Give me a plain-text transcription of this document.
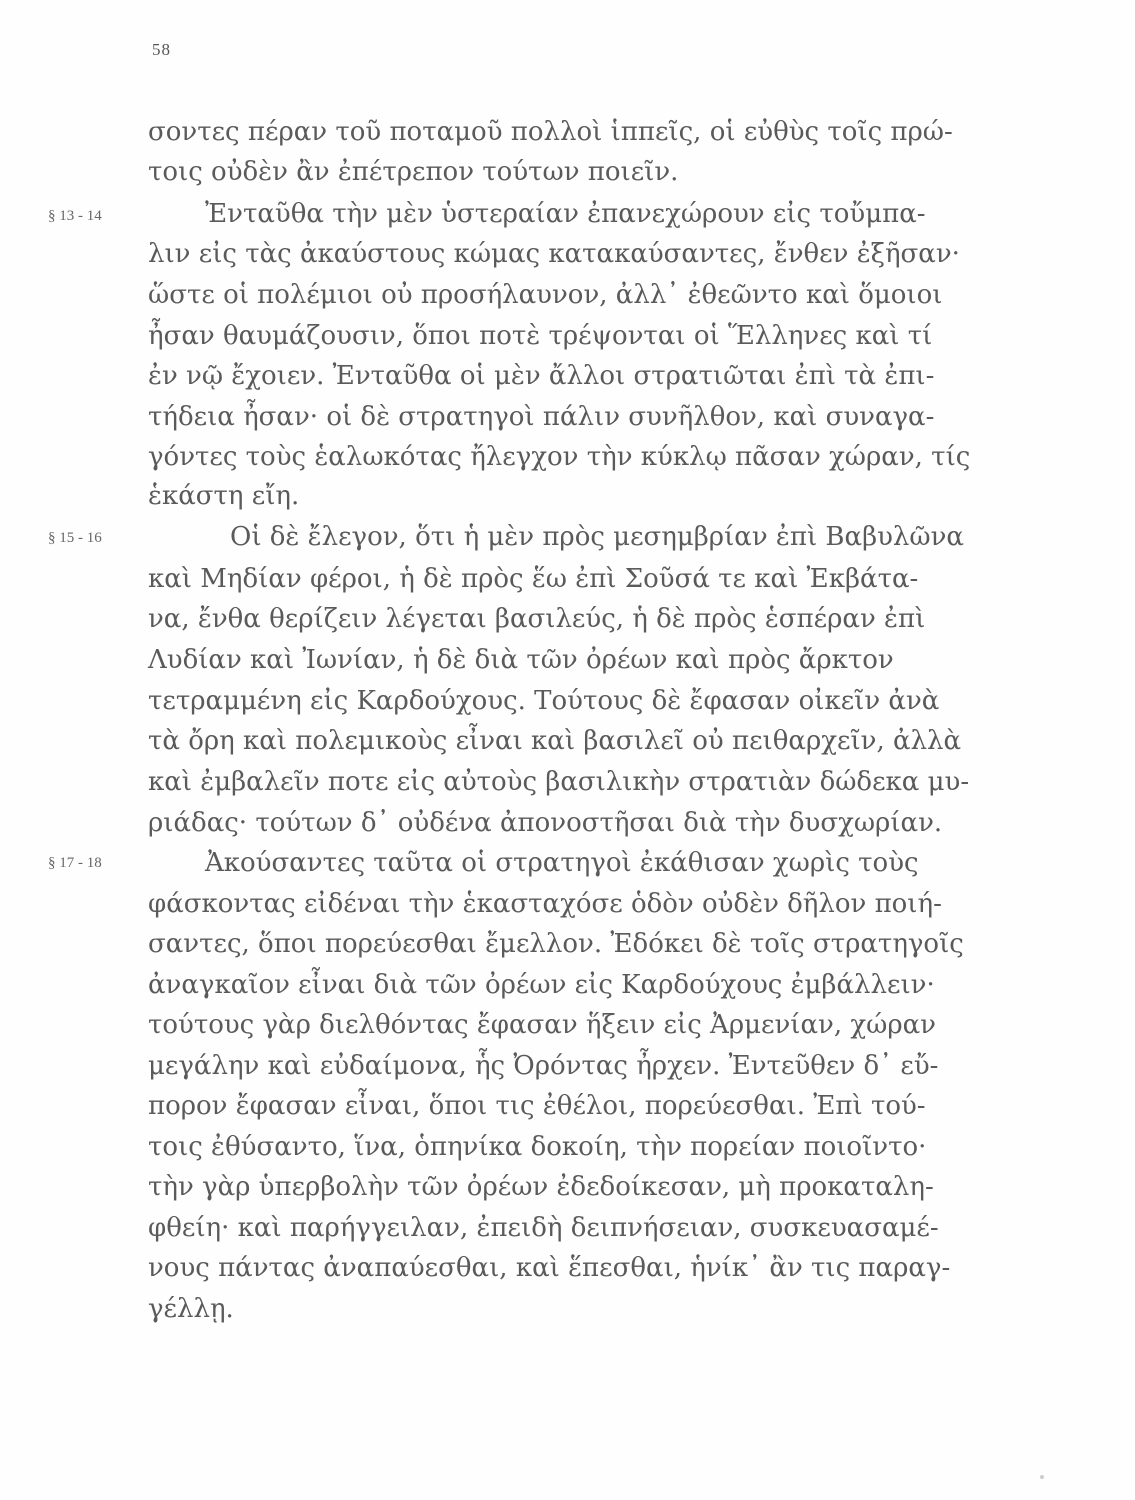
58
§ 13 - 14
§ 15 - 16
§ 17 - 18
σοντες πέραν τοῦ ποταμοῦ πολλοὶ ἱππεῖς, οἱ εὐθὺς τοῖς πρώ-
τοις οὐδὲν ἂν ἐπέτρεπον τούτων ποιεῖν.
Ἐνταῦθα τὴν μὲν ὑστεραίαν ἐπανεχώρουν εἰς τοὔμπα-
λιν εἰς τὰς ἀκαύστους κώμας κατακαύσαντες, ἔνθεν ἐξῆσαν·
ὥστε οἱ πολέμιοι οὐ προσήλαυνον, ἀλλ᾽ ἐθεῶντο καὶ ὅμοιοι
ἦσαν θαυμάζουσιν, ὅποι ποτὲ τρέψονται οἱ Ἕλληνες καὶ τί
ἐν νῷ ἔχοιεν. Ἐνταῦθα οἱ μὲν ἄλλοι στρατιῶται ἐπὶ τὰ ἐπι-
τήδεια ἦσαν· οἱ δὲ στρατηγοὶ πάλιν συνῆλθον, καὶ συναγα-
γόντες τοὺς ἑαλωκότας ἤλεγχον τὴν κύκλῳ πᾶσαν χώραν, τίς
ἑκάστη εἴη.
Οἱ δὲ ἔλεγον, ὅτι ἡ μὲν πρὸς μεσημβρίαν ἐπὶ Βαβυλῶνα
καὶ Μηδίαν φέροι, ἡ δὲ πρὸς ἕω ἐπὶ Σοῦσά τε καὶ Ἐκβάτα-
να, ἔνθα θερίζειν λέγεται βασιλεύς, ἡ δὲ πρὸς ἑσπέραν ἐπὶ
Λυδίαν καὶ Ἰωνίαν, ἡ δὲ διὰ τῶν ὀρέων καὶ πρὸς ἄρκτον
τετραμμένη εἰς Καρδούχους. Τούτους δὲ ἔφασαν οἰκεῖν ἀνὰ
τὰ ὄρη καὶ πολεμικοὺς εἶναι καὶ βασιλεῖ οὐ πειθαρχεῖν, ἀλλὰ
καὶ ἐμβαλεῖν ποτε εἰς αὐτοὺς βασιλικὴν στρατιὰν δώδεκα μυ-
ριάδας· τούτων δ᾽ οὐδένα ἀπονοστῆσαι διὰ τὴν δυσχωρίαν.
Ἀκούσαντες ταῦτα οἱ στρατηγοὶ ἐκάθισαν χωρὶς τοὺς
φάσκοντας εἰδέναι τὴν ἑκασταχόσε ὁδὸν οὐδὲν δῆλον ποιή-
σαντες, ὅποι πορεύεσθαι ἔμελλον. Ἐδόκει δὲ τοῖς στρατηγοῖς
ἀναγκαῖον εἶναι διὰ τῶν ὀρέων εἰς Καρδούχους ἐμβάλλειν·
τούτους γὰρ διελθόντας ἔφασαν ἥξειν εἰς Ἀρμενίαν, χώραν
μεγάλην καὶ εὐδαίμονα, ἧς Ὀρόντας ἦρχεν. Ἐντεῦθεν δ᾽ εὔ-
πορον ἔφασαν εἶναι, ὅποι τις ἐθέλοι, πορεύεσθαι. Ἐπὶ τού-
τοις ἐθύσαντο, ἵνα, ὁπηνίκα δοκοίη, τὴν πορείαν ποιοῖντο·
τὴν γὰρ ὑπερβολὴν τῶν ὀρέων ἐδεδοίκεσαν, μὴ προκαταλη-
φθείη· καὶ παρήγγειλαν, ἐπειδὴ δειπνήσειαν, συσκευασαμέ-
νους πάντας ἀναπαύεσθαι, καὶ ἕπεσθαι, ἡνίκ᾽ ἂν τις παραγ-
γέλλῃ.
